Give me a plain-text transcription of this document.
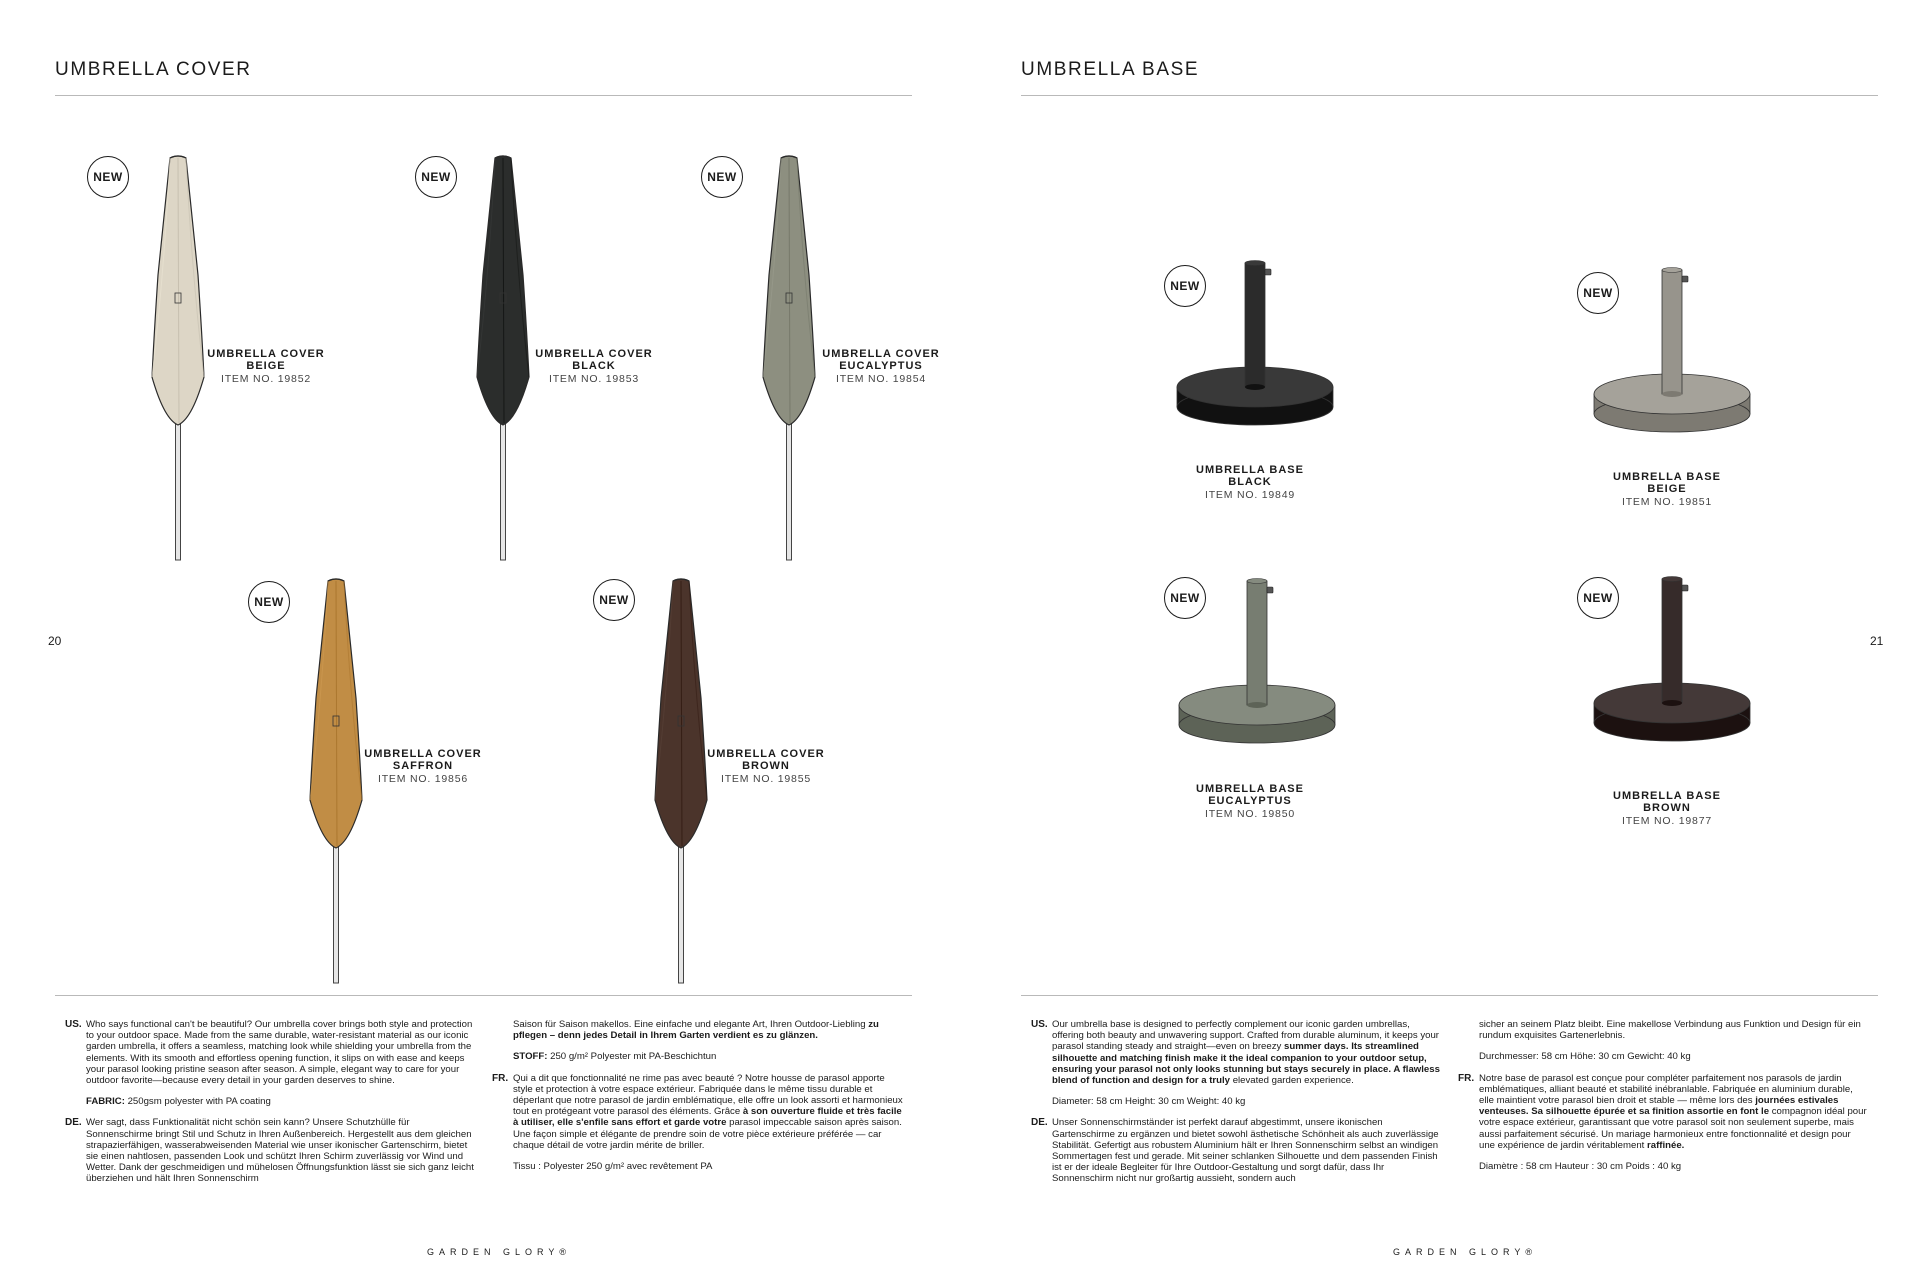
UMBRELLA COVER
NEW
UMBRELLA COVER
BEIGE
ITEM NO. 19852
NEW
UMBRELLA COVER
BLACK
ITEM NO. 19853
NEW
UMBRELLA COVER
EUCALYPTUS
ITEM NO. 19854
NEW
UMBRELLA COVER
SAFFRON
ITEM NO. 19856
NEW
UMBRELLA COVER
BROWN
ITEM NO. 19855
20

US. Who says functional can't be beautiful? Our umbrella cover brings both style and protection to your outdoor space. Made from the same durable, water-resistant material as our iconic garden umbrella, it offers a seamless, matching look while shielding your umbrella from the elements. With its smooth and effortless opening function, it slips on with ease and keeps your parasol looking pristine season after season. A simple, elegant way to care for your outdoor favorite—because every detail in your garden deserves to shine.

FABRIC: 250gsm polyester with PA coating

DE. Wer sagt, dass Funktionalität nicht schön sein kann? Unsere Schutzhülle für Sonnenschirme bringt Stil und Schutz in Ihren Außenbereich. Hergestellt aus dem gleichen strapazierfähigen, wasserabweisenden Material wie unser ikonischer Gartenschirm, bietet sie einen nahtlosen, passenden Look und schützt Ihren Schirm zuverlässig vor Wind und Wetter. Dank der geschmeidigen und mühelosen Öffnungsfunktion lässt sie sich ganz leicht überziehen und hält Ihren Sonnenschirm

Saison für Saison makellos. Eine einfache und elegante Art, Ihren Outdoor-Liebling zu pflegen – denn jedes Detail in Ihrem Garten verdient es zu glänzen.

STOFF: 250 g/m² Polyester mit PA-Beschichtun

FR. Qui a dit que fonctionnalité ne rime pas avec beauté ? Notre housse de parasol apporte style et protection à votre espace extérieur. Fabriquée dans le même tissu durable et déperlant que notre parasol de jardin emblématique, elle offre un look assorti et harmonieux tout en protégeant votre parasol des éléments. Grâce à son ouverture fluide et très facile à utiliser, elle s'enfile sans effort et garde votre parasol impeccable saison après saison. Une façon simple et élégante de prendre soin de votre pièce extérieure préférée — car chaque détail de votre jardin mérite de briller.

Tissu : Polyester 250 g/m² avec revêtement PA

GARDEN GLORY®
UMBRELLA BASE
NEW
UMBRELLA BASE
BLACK
ITEM NO. 19849
NEW
UMBRELLA BASE
BEIGE
ITEM NO. 19851
NEW
UMBRELLA BASE
EUCALYPTUS
ITEM NO. 19850
NEW
UMBRELLA BASE
BROWN
ITEM NO. 19877
21

US. Our umbrella base is designed to perfectly complement our iconic garden umbrellas, offering both beauty and unwavering support. Crafted from durable aluminum, it keeps your parasol standing steady and straight—even on breezy summer days. Its streamlined silhouette and matching finish make it the ideal companion to your outdoor setup, ensuring your parasol not only looks stunning but stays securely in place. A flawless blend of function and design for a truly elevated garden experience.

Diameter: 58 cm Height: 30 cm Weight: 40 kg

DE. Unser Sonnenschirmständer ist perfekt darauf abgestimmt, unsere ikonischen Gartenschirme zu ergänzen und bietet sowohl ästhetische Schönheit als auch zuverlässige Stabilität. Gefertigt aus robustem Aluminium hält er Ihren Sonnenschirm selbst an windigen Sommertagen fest und gerade. Mit seiner schlanken Silhouette und dem passenden Finish ist er der ideale Begleiter für Ihre Outdoor-Gestaltung und sorgt dafür, dass Ihr Sonnenschirm nicht nur großartig aussieht, sondern auch

sicher an seinem Platz bleibt. Eine makellose Verbindung aus Funktion und Design für ein rundum exquisites Gartenerlebnis.

Durchmesser: 58 cm Höhe: 30 cm Gewicht: 40 kg

FR. Notre base de parasol est conçue pour compléter parfaitement nos parasols de jardin emblématiques, alliant beauté et stabilité inébranlable. Fabriquée en aluminium durable, elle maintient votre parasol bien droit et stable — même lors des journées estivales venteuses. Sa silhouette épurée et sa finition assortie en font le compagnon idéal pour votre espace extérieur, garantissant que votre parasol soit non seulement superbe, mais aussi parfaitement sécurisé. Un mariage harmonieux entre fonctionnalité et design pour une expérience de jardin véritablement raffinée.

Diamètre : 58 cm Hauteur : 30 cm Poids : 40 kg

GARDEN GLORY®
